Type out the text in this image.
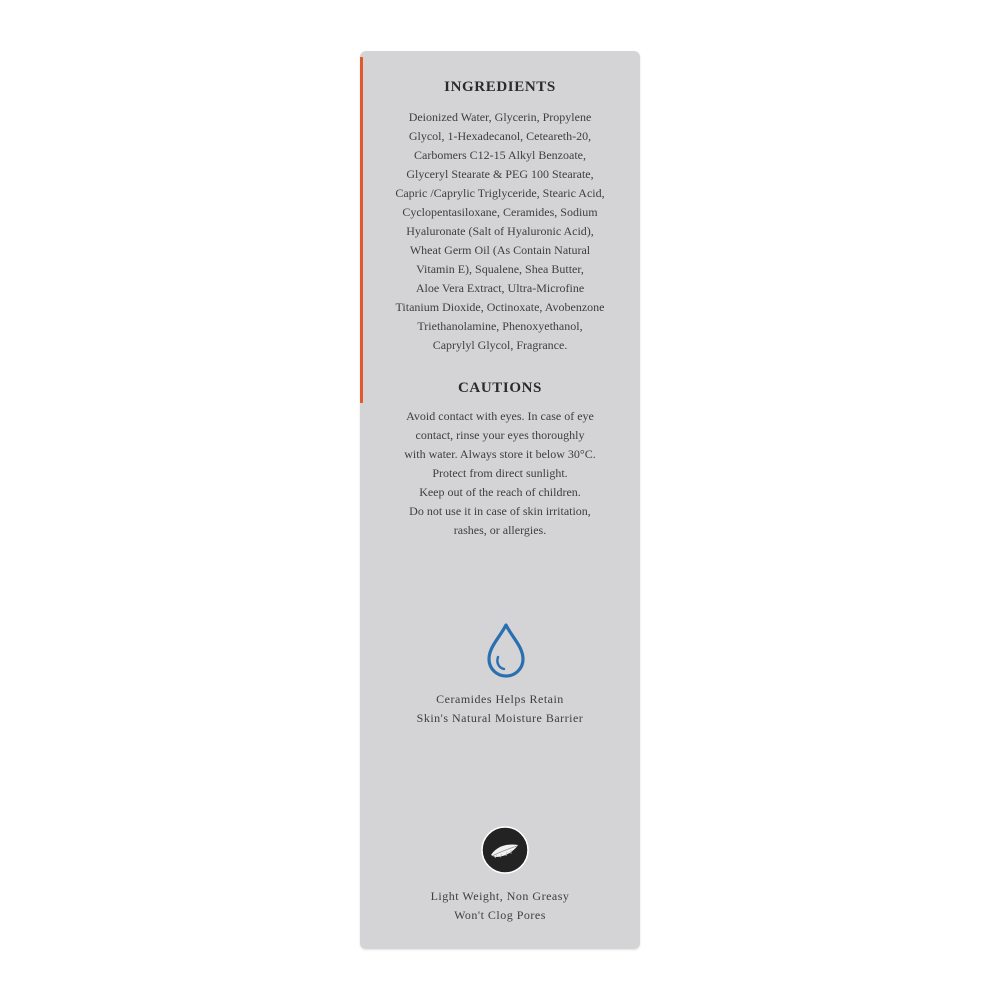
INGREDIENTS
Deionized Water, Glycerin, Propylene
Glycol, 1-Hexadecanol, Ceteareth-20,
Carbomers C12-15 Alkyl Benzoate,
Glyceryl Stearate & PEG 100 Stearate,
Capric /Caprylic Triglyceride, Stearic Acid,
Cyclopentasiloxane, Ceramides, Sodium
Hyaluronate (Salt of Hyaluronic Acid),
Wheat Germ Oil (As Contain Natural
Vitamin E), Squalene, Shea Butter,
Aloe Vera Extract, Ultra-Microfine
Titanium Dioxide, Octinoxate, Avobenzone
Triethanolamine, Phenoxyethanol,
Caprylyl Glycol, Fragrance.
CAUTIONS
Avoid contact with eyes. In case of eye
contact, rinse your eyes thoroughly
with water. Always store it below 30°C.
Protect from direct sunlight.
Keep out of the reach of children.
Do not use it in case of skin irritation,
rashes, or allergies.
Ceramides Helps Retain
Skin's Natural Moisture Barrier
Light Weight, Non Greasy
Won't Clog Pores
